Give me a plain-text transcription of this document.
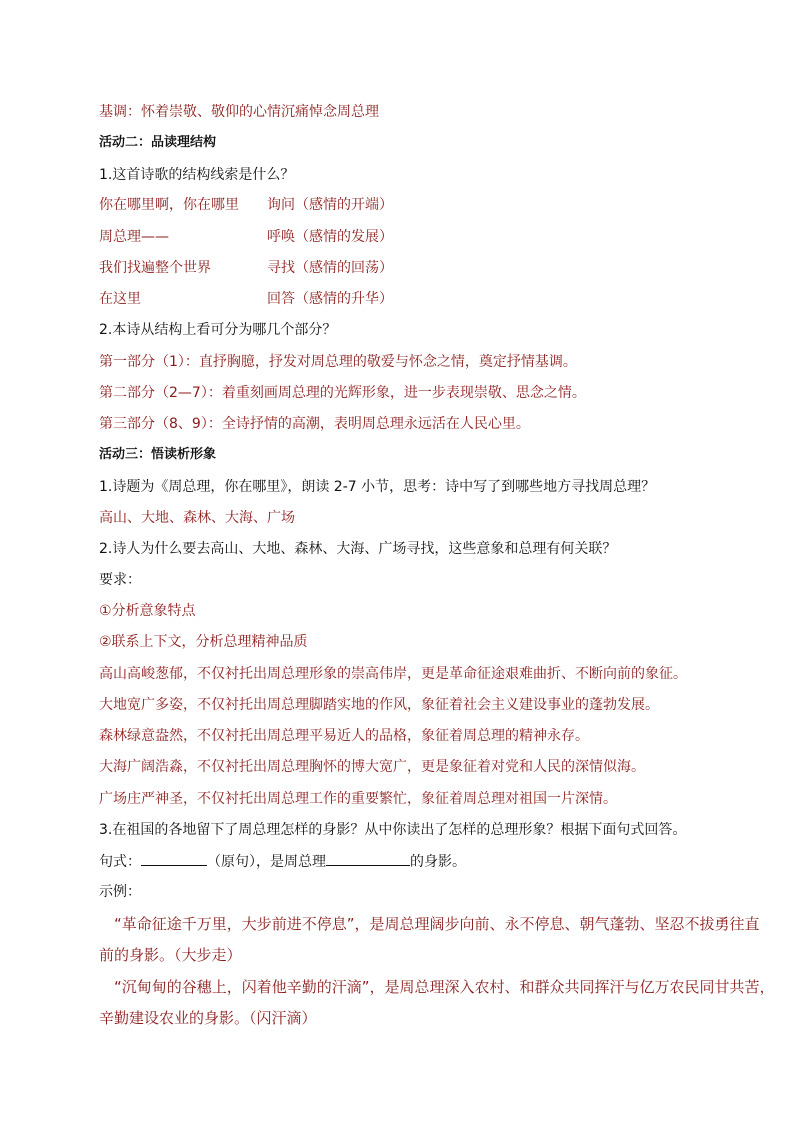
基调：怀着崇敬、敬仰的心情沉痛悼念周总理
活动二：品读理结构
1.这首诗歌的结构线索是什么？
你在哪里啊，你在哪里 询问（感情的开端）
周总理——	呼唤（感情的发展）
我们找遍整个世界	寻找（感情的回荡）
在这里	回答（感情的升华）
2.本诗从结构上看可分为哪几个部分？
第一部分（1）：直抒胸臆，抒发对周总理的敬爱与怀念之情，奠定抒情基调。
第二部分（2—7）：着重刻画周总理的光辉形象，进一步表现崇敬、思念之情。
第三部分（8、9）：全诗抒情的高潮，表明周总理永远活在人民心里。
活动三：悟读析形象
1.诗题为《周总理，你在哪里》，朗读 2-7 小节，思考：诗中写了到哪些地方寻找周总理？
高山、大地、森林、大海、广场
2.诗人为什么要去高山、大地、森林、大海、广场寻找，这些意象和总理有何关联？
要求：
①分析意象特点
②联系上下文，分析总理精神品质
高山高峻葱郁，不仅衬托出周总理形象的崇高伟岸，更是革命征途艰难曲折、不断向前的象征。
大地宽广多姿，不仅衬托出周总理脚踏实地的作风，象征着社会主义建设事业的蓬勃发展。
森林绿意盎然，不仅衬托出周总理平易近人的品格，象征着周总理的精神永存。
大海广阔浩淼，不仅衬托出周总理胸怀的博大宽广，更是象征着对党和人民的深情似海。
广场庄严神圣，不仅衬托出周总理工作的重要繁忙，象征着周总理对祖国一片深情。
3.在祖国的各地留下了周总理怎样的身影？从中你读出了怎样的总理形象？根据下面句式回答。
句式：	（原句），是周总理	的身影。
示例：
“革命征途千万里，大步前进不停息”，是周总理阔步向前、永不停息、朝气蓬勃、坚忍不拔勇往直
前的身影。（大步走）
“沉甸甸的谷穗上，闪着他辛勤的汗滴”，是周总理深入农村、和群众共同挥汗与亿万农民同甘共苦，
辛勤建设农业的身影。（闪汗滴）
